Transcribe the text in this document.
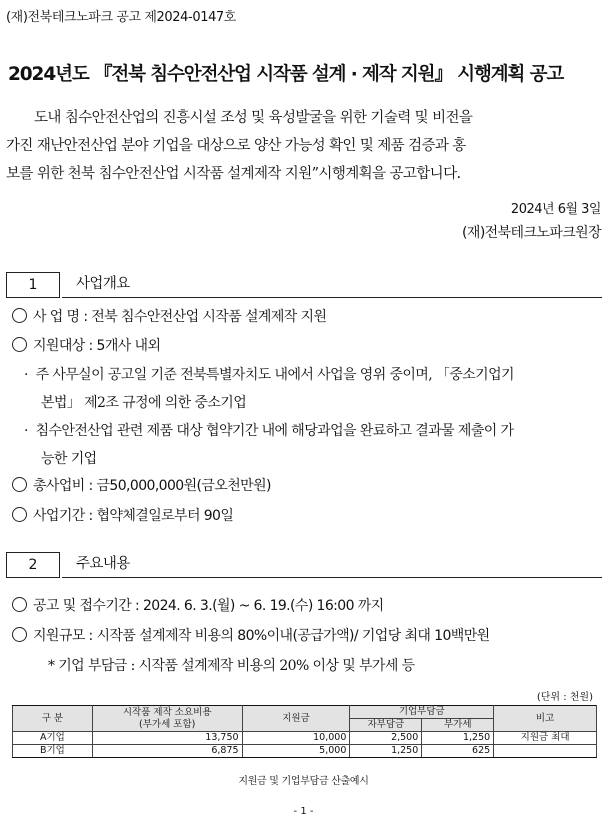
(재)전북테크노파크 공고 제2024-0147호
2024년도 『전북 침수안전산업 시작품 설계 · 제작 지원』 시행계획 공고

도내 침수안전산업의 진흥시설 조성 및 육성발굴을 위한 기술력 및 비전을

가진 재난안전산업 분야 기업을 대상으로 양산 가능성 확인 및 제품 검증과 홍

보를 위한 천북 침수안전산업 시작품 설계제작 지원”시행계획을 공고합니다.

2024년 6월 3일
(재)전북테크노파크원장
1	사업개요
사 업 명 : 전북 침수안전산업 시작품 설계제작 지원
지원대상 : 5개사 내외
· 주 사무실이 공고일 기준 전북특별자치도 내에서 사업을 영위 중이며, 「중소기업기
본법」 제2조 규정에 의한 중소기업
· 침수안전산업 관련 제품 대상 협약기간 내에 해당과업을 완료하고 결과물 제출이 가
능한 기업
총사업비 : 금50,000,000원(금오천만원)
사업기간 : 협약체결일로부터 90일
2	주요내용
공고 및 접수기간 : 2024. 6. 3.(월) ~ 6. 19.(수) 16:00 까지
지원규모 : 시작품 설계제작 비용의 80%이내(공급가액)/ 기업당 최대 10백만원
* 기업 부담금 : 시작품 설계제작 비용의 20% 이상 및 부가세 등
(단위 : 천원)
구 분	시작품 제작 소요비용
(부가세 포함)	지원금	기업부담금		비고
			자부담금	부가세	
A기업	13,750	10,000	2,500	1,250	지원금 최대
B기업	6,875	5,000	1,250	625	
지원금 및 기업부담금 산출예시
- 1 -
